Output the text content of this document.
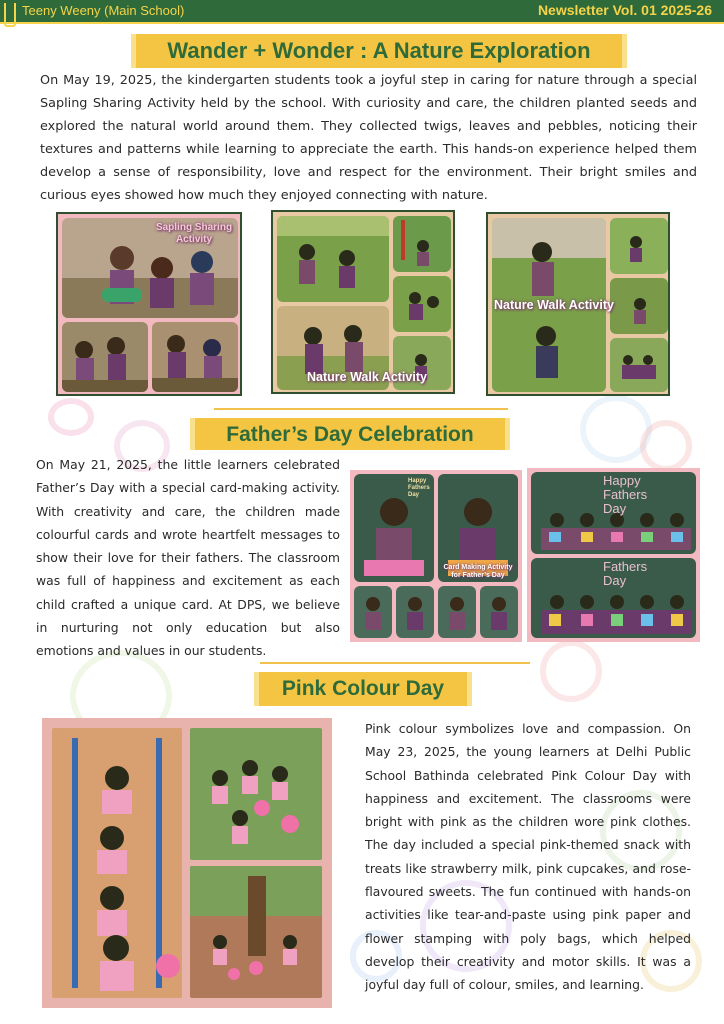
Teeny Weeny (Main School)	Newsletter Vol. 01 2025-26
Wander + Wonder : A Nature Exploration

On May 19, 2025, the kindergarten students took a joyful step in caring for nature through a special Sapling Sharing Activity held by the school. With curiosity and care, the children planted seeds and explored the natural world around them. They collected twigs, leaves and pebbles, noticing their textures and patterns while learning to appreciate the earth. This hands-on experience helped them develop a sense of responsibility, love and respect for the environment. Their bright smiles and curious eyes showed how much they enjoyed connecting with nature.

Sapling Sharing Activity
Nature Walk Activity
Nature Walk Activity
Father’s Day Celebration

On May 21, 2025, the little learners celebrated Father’s Day with a special card-making activity. With creativity and care, the children made colourful cards and wrote heartfelt messages to show their love for their fathers. The classroom was full of happiness and excitement as each child crafted a unique card. At DPS, we believe in nurturing not only education but also emotions and values in our students.

Happy Fathers Day
Card Making Activity for Father’s Day
Happy Fathers Day
Fathers Day
Pink Colour Day

Pink colour symbolizes love and compassion. On May 23, 2025, the young learners at Delhi Public School Bathinda celebrated Pink Colour Day with happiness and excitement. The classrooms were bright with pink as the children wore pink clothes. The day included a special pink-themed snack with treats like strawberry milk, pink cupcakes, and rose-flavoured sweets. The fun continued with hands-on activities like tear-and-paste using pink paper and flower stamping with poly bags, which helped develop their creativity and motor skills. It was a joyful day full of colour, smiles, and learning.
